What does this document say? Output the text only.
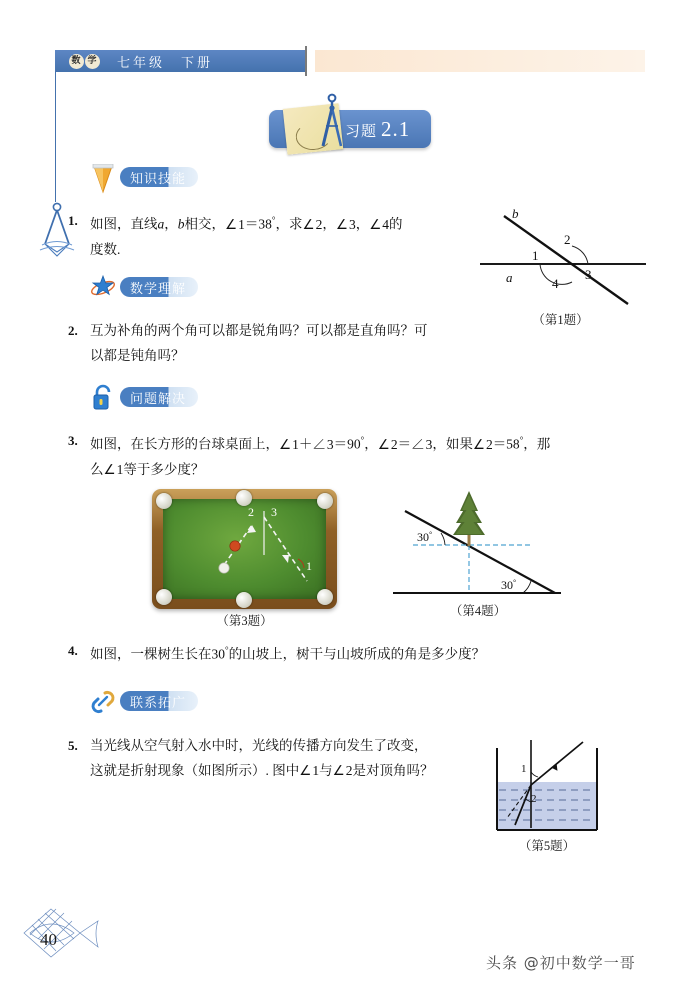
数 学 七年级　下册
习题 2.1
知识技能
1. 如图，直线a，b相交， ∠ 1＝38°，求 ∠ 2， ∠ 3， ∠ 4的
度数.
a
b
1
2
3
4
（第1题）
数学理解
2. 互为补角的两个角可以都是锐角吗？可以都是直角吗？可
以都是钝角吗？
问题解决
3. 如图，在长方形的台球桌面上， ∠ 1＋ ∠ 3＝90°， ∠ 2＝ ∠ 3，如果 ∠ 2＝58°，那
么 ∠ 1等于多少度？
2 3
1
（第3题）
30°
30°
（第4题）
4. 如图，一棵树生长在30°的山坡上，树干与山坡所成的角是多少度？
联系拓广
5. 当光线从空气射入水中时，光线的传播方向发生了改变，
这就是折射现象（如图所示）. 图中 ∠ 1与 ∠ 2是对顶角吗？	1
2
（第5题）
40
头条 @初中数学一哥
